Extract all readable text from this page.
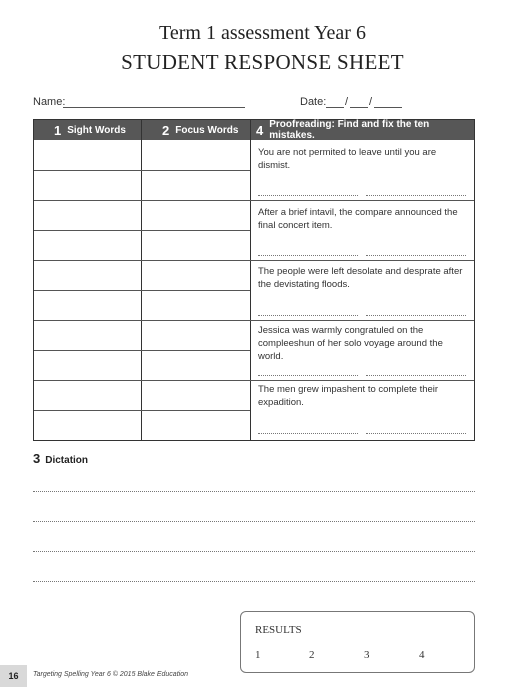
Term 1 assessment Year 6
STUDENT RESPONSE SHEET
Name:	Date: / /
1 Sight Words	2 Focus Words 4 Proofreading: Find and fix the ten mistakes.
You are not permited to leave until you are dismist.
After a brief intavil, the compare announced the final concert item.
The people were left desolate and desprate after the devistating floods.
Jessica was warmly congratuled on the compleeshun of her solo voyage around the world.
The men grew impashent to complete their expadition.
3 Dictation
RESULTS
1	2	3	4
16	Targeting Spelling Year 6 © 2015 Blake Education
